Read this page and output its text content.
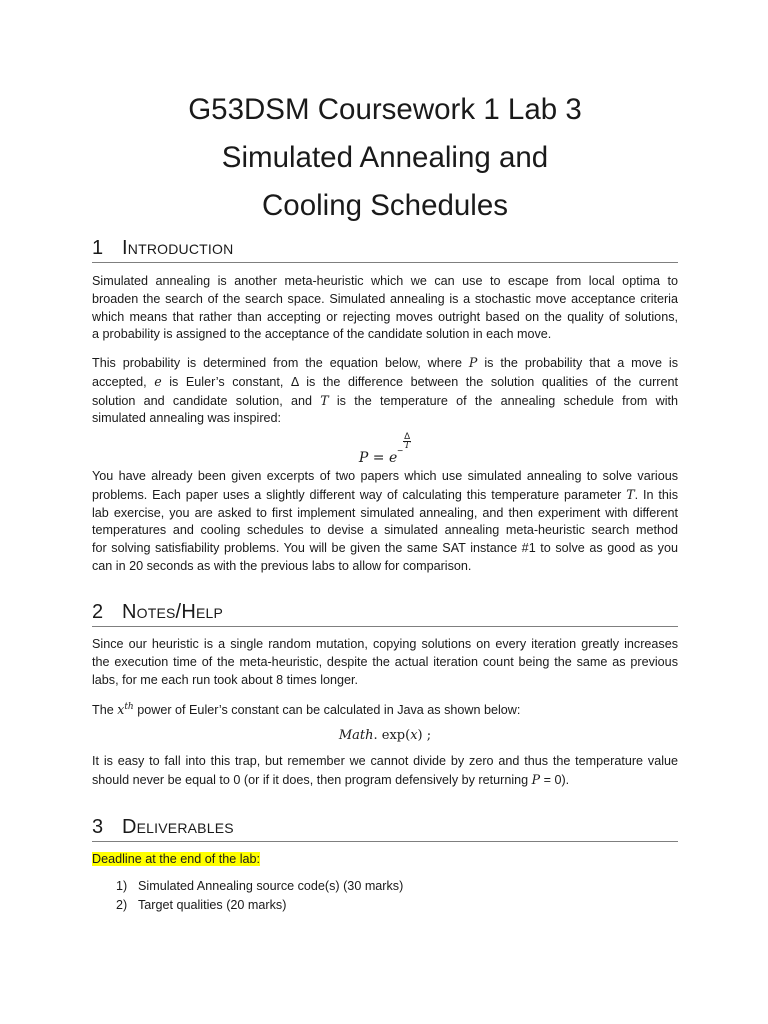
G53DSM Coursework 1 Lab 3
Simulated Annealing and
Cooling Schedules
1 Introduction
Simulated annealing is another meta-heuristic which we can use to escape from local optima to
broaden the search of the search space. Simulated annealing is a stochastic move acceptance criteria
which means that rather than accepting or rejecting moves outright based on the quality of solutions,
a probability is assigned to the acceptance of the candidate solution in each move.
This probability is determined from the equation below, where P is the probability that a move is
accepted, e is Euler’s constant, Δ is the difference between the solution qualities of the current
solution and candidate solution, and T is the temperature of the annealing schedule from with
simulated annealing was inspired:
$P = e^{- \frac{\Delta}{T}}$
You have already been given excerpts of two papers which use simulated annealing to solve various
problems. Each paper uses a slightly different way of calculating this temperature parameter T. In this
lab exercise, you are asked to first implement simulated annealing, and then experiment with different
temperatures and cooling schedules to devise a simulated annealing meta-heuristic search method
for solving satisfiability problems. You will be given the same SAT instance #1 to solve as good as you
can in 20 seconds as with the previous labs to allow for comparison.
2 Notes/Help
Since our heuristic is a single random mutation, copying solutions on every iteration greatly increases
the execution time of the meta-heuristic, despite the actual iteration count being the same as previous
labs, for me each run took about 8 times longer.
The $x^{th}$ power of Euler’s constant can be calculated in Java as shown below:
Math. exp(x) ;
It is easy to fall into this trap, but remember we cannot divide by zero and thus the temperature value
should never be equal to 0 (or if it does, then program defensively by returning P = 0).
3 Deliverables
Deadline at the end of the lab:
1) Simulated Annealing source code(s) (30 marks)
2) Target qualities (20 marks)
